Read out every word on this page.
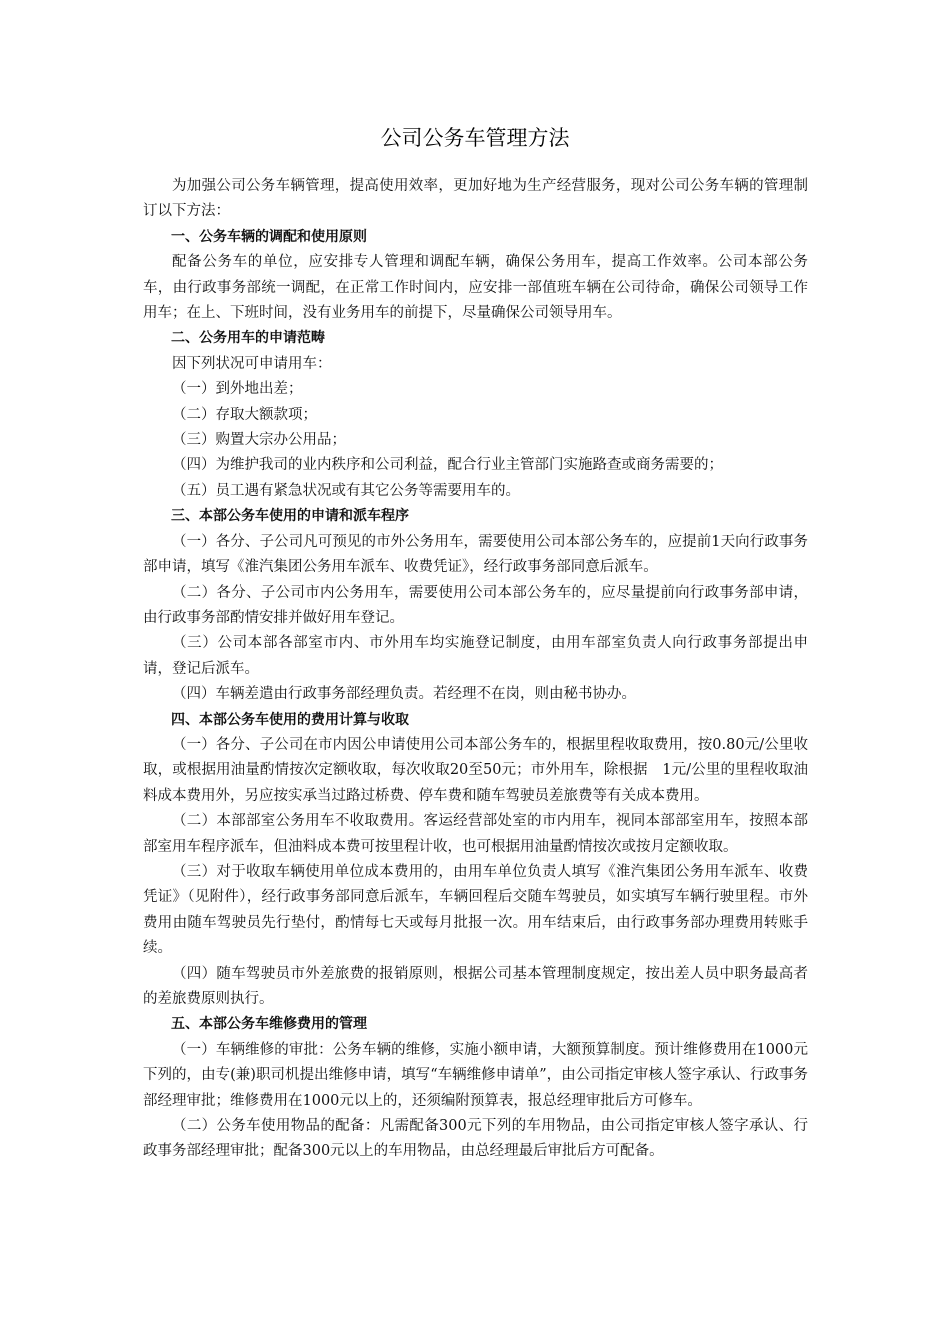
公司公务车管理方法

为加强公司公务车辆管理，提高使用效率，更加好地为生产经营服务，现对公司公务车辆的管理制订以下方法：

一、公务车辆的调配和使用原则

配备公务车的单位，应安排专人管理和调配车辆，确保公务用车，提高工作效率。公司本部公务车，由行政事务部统一调配，在正常工作时间内，应安排一部值班车辆在公司待命，确保公司领导工作用车；在上、下班时间，没有业务用车的前提下，尽量确保公司领导用车。

二、公务用车的申请范畴

因下列状况可申请用车：

（一）到外地出差；

（二）存取大额款项；

（三）购置大宗办公用品；

（四）为维护我司的业内秩序和公司利益，配合行业主管部门实施路查或商务需要的；

（五）员工遇有紧急状况或有其它公务等需要用车的。

三、本部公务车使用的申请和派车程序

（一）各分、子公司凡可预见的市外公务用车，需要使用公司本部公务车的，应提前1天向行政事务部申请，填写《淮汽集团公务用车派车、收费凭证》，经行政事务部同意后派车。

（二）各分、子公司市内公务用车，需要使用公司本部公务车的，应尽量提前向行政事务部申请，由行政事务部酌情安排并做好用车登记。

（三）公司本部各部室市内、市外用车均实施登记制度，由用车部室负责人向行政事务部提出申请，登记后派车。

（四）车辆差遣由行政事务部经理负责。若经理不在岗，则由秘书协办。

四、本部公务车使用的费用计算与收取

（一）各分、子公司在市内因公申请使用公司本部公务车的，根据里程收取费用，按0.80元/公里收取，或根据用油量酌情按次定额收取，每次收取20至50元；市外用车，除根据　1元/公里的里程收取油料成本费用外，另应按实承当过路过桥费、停车费和随车驾驶员差旅费等有关成本费用。

（二）本部部室公务用车不收取费用。客运经营部处室的市内用车，视同本部部室用车，按照本部部室用车程序派车，但油料成本费可按里程计收，也可根据用油量酌情按次或按月定额收取。

（三）对于收取车辆使用单位成本费用的，由用车单位负责人填写《淮汽集团公务用车派车、收费凭证》（见附件），经行政事务部同意后派车，车辆回程后交随车驾驶员，如实填写车辆行驶里程。市外费用由随车驾驶员先行垫付，酌情每七天或每月批报一次。用车结束后，由行政事务部办理费用转账手续。

（四）随车驾驶员市外差旅费的报销原则，根据公司基本管理制度规定，按出差人员中职务最高者的差旅费原则执行。

五、本部公务车维修费用的管理

（一）车辆维修的审批：公务车辆的维修，实施小额申请，大额预算制度。预计维修费用在1000元下列的，由专(兼)职司机提出维修申请，填写“车辆维修申请单”，由公司指定审核人签字承认、行政事务部经理审批；维修费用在1000元以上的，还须编附预算表，报总经理审批后方可修车。

（二）公务车使用物品的配备：凡需配备300元下列的车用物品，由公司指定审核人签字承认、行政事务部经理审批；配备300元以上的车用物品，由总经理最后审批后方可配备。
